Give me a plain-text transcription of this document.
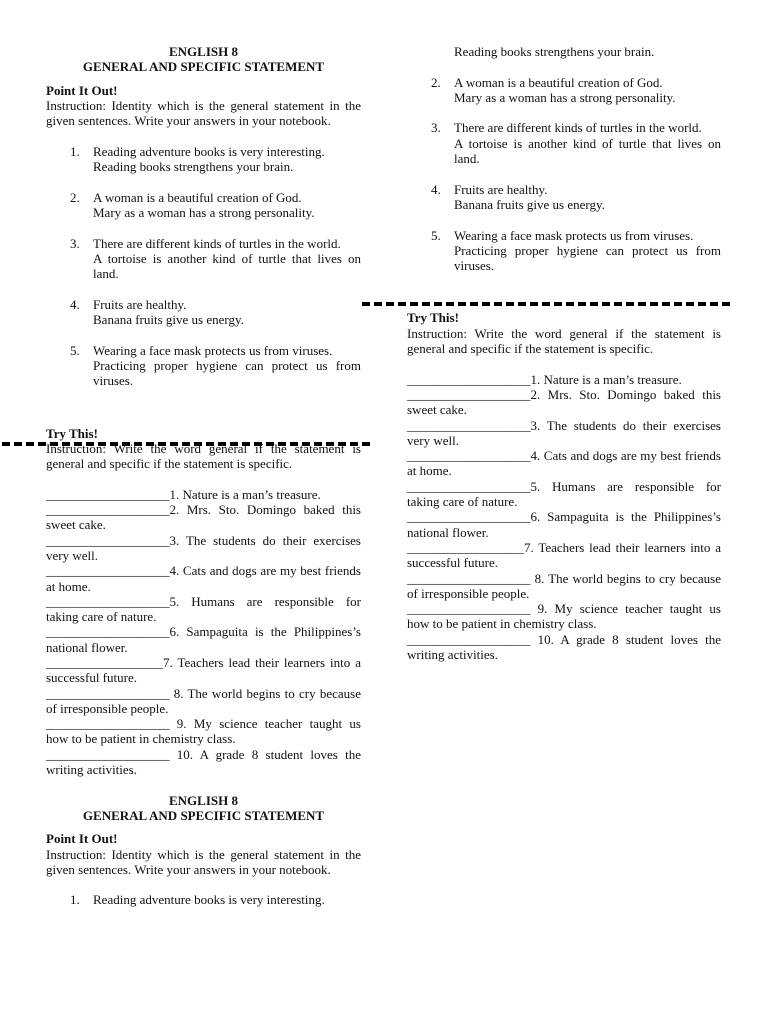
ENGLISH 8

GENERAL AND SPECIFIC STATEMENT

Point It Out!

Instruction: Identity which is the general statement in the given sentences. Write your answers in your notebook.

1. Reading adventure books is very interesting.
Reading books strengthens your brain.
2. A woman is a beautiful creation of God.
Mary as a woman has a strong personality.
3. There are different kinds of turtles in the world.
A tortoise is another kind of turtle that lives on land.
4. Fruits are healthy.
Banana fruits give us energy.
5. Wearing a face mask protects us from viruses.
Practicing proper hygiene can protect us from viruses.

Try This!

Instruction: Write the word general if the statement is general and specific if the statement is specific.

___________________1. Nature is a man’s treasure.

___________________2. Mrs. Sto. Domingo baked this sweet cake.

___________________3. The students do their exercises very well.

___________________4. Cats and dogs are my best friends at home.

___________________5. Humans are responsible for taking care of nature.

___________________6. Sampaguita is the Philippines’s national flower.

__________________7. Teachers lead their learners into a successful future.

___________________ 8. The world begins to cry because of irresponsible people.

___________________ 9. My science teacher taught us how to be patient in chemistry class.

___________________ 10. A grade 8 student loves the writing activities.

ENGLISH 8

GENERAL AND SPECIFIC STATEMENT

Point It Out!

Instruction: Identity which is the general statement in the given sentences. Write your answers in your notebook.

1. Reading adventure books is very interesting.
Reading books strengthens your brain.
2. A woman is a beautiful creation of God.
Mary as a woman has a strong personality.
3. There are different kinds of turtles in the world.
A tortoise is another kind of turtle that lives on land.
4. Fruits are healthy.
Banana fruits give us energy.
5. Wearing a face mask protects us from viruses.
Practicing proper hygiene can protect us from viruses.

Try This!

Instruction: Write the word general if the statement is general and specific if the statement is specific.

___________________1. Nature is a man’s treasure.

___________________2. Mrs. Sto. Domingo baked this sweet cake.

___________________3. The students do their exercises very well.

___________________4. Cats and dogs are my best friends at home.

___________________5. Humans are responsible for taking care of nature.

___________________6. Sampaguita is the Philippines’s national flower.

__________________7. Teachers lead their learners into a successful future.

___________________ 8. The world begins to cry because of irresponsible people.

___________________ 9. My science teacher taught us how to be patient in chemistry class.

___________________ 10. A grade 8 student loves the writing activities.
